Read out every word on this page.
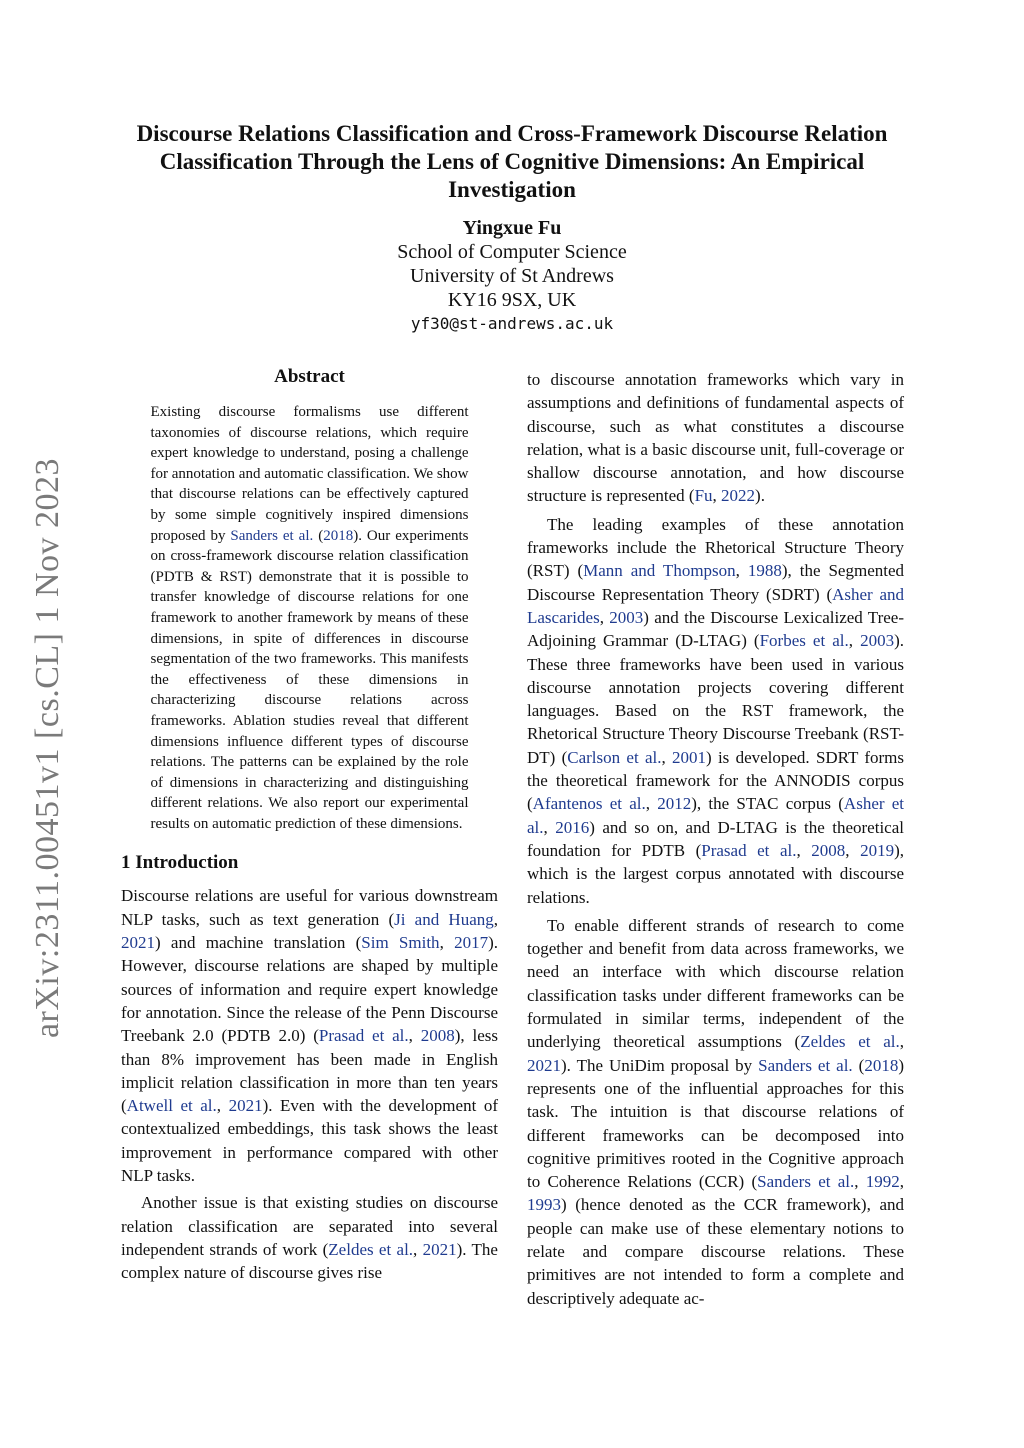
arXiv:2311.00451v1 [cs.CL] 1 Nov 2023
Discourse Relations Classification and Cross-Framework Discourse Relation Classification Through the Lens of Cognitive Dimensions: An Empirical Investigation
Yingxue Fu
School of Computer Science
University of St Andrews
KY16 9SX, UK
yf30@st-andrews.ac.uk
Abstract

Existing discourse formalisms use different taxonomies of discourse relations, which require expert knowledge to understand, posing a challenge for annotation and automatic classification. We show that discourse relations can be effectively captured by some simple cognitively inspired dimensions proposed by Sanders et al. (2018). Our experiments on cross-framework discourse relation classification (PDTB & RST) demonstrate that it is possible to transfer knowledge of discourse relations for one framework to another framework by means of these dimensions, in spite of differences in discourse segmentation of the two frameworks. This manifests the effectiveness of these dimensions in characterizing discourse relations across frameworks. Ablation studies reveal that different dimensions influence different types of discourse relations. The patterns can be explained by the role of dimensions in characterizing and distinguishing different relations. We also report our experimental results on automatic prediction of these dimensions.

1 Introduction

Discourse relations are useful for various downstream NLP tasks, such as text generation (Ji and Huang, 2021) and machine translation (Sim Smith, 2017). However, discourse relations are shaped by multiple sources of information and require expert knowledge for annotation. Since the release of the Penn Discourse Treebank 2.0 (PDTB 2.0) (Prasad et al., 2008), less than 8% improvement has been made in English implicit relation classification in more than ten years (Atwell et al., 2021). Even with the development of contextualized embeddings, this task shows the least improvement in performance compared with other NLP tasks.

Another issue is that existing studies on discourse relation classification are separated into several independent strands of work (Zeldes et al., 2021). The complex nature of discourse gives rise

to discourse annotation frameworks which vary in assumptions and definitions of fundamental aspects of discourse, such as what constitutes a discourse relation, what is a basic discourse unit, full-coverage or shallow discourse annotation, and how discourse structure is represented (Fu, 2022).

The leading examples of these annotation frameworks include the Rhetorical Structure Theory (RST) (Mann and Thompson, 1988), the Segmented Discourse Representation Theory (SDRT) (Asher and Lascarides, 2003) and the Discourse Lexicalized Tree-Adjoining Grammar (D-LTAG) (Forbes et al., 2003). These three frameworks have been used in various discourse annotation projects covering different languages. Based on the RST framework, the Rhetorical Structure Theory Discourse Treebank (RST-DT) (Carlson et al., 2001) is developed. SDRT forms the theoretical framework for the ANNODIS corpus (Afantenos et al., 2012), the STAC corpus (Asher et al., 2016) and so on, and D-LTAG is the theoretical foundation for PDTB (Prasad et al., 2008, 2019), which is the largest corpus annotated with discourse relations.

To enable different strands of research to come together and benefit from data across frameworks, we need an interface with which discourse relation classification tasks under different frameworks can be formulated in similar terms, independent of the underlying theoretical assumptions (Zeldes et al., 2021). The UniDim proposal by Sanders et al. (2018) represents one of the influential approaches for this task. The intuition is that discourse relations of different frameworks can be decomposed into cognitive primitives rooted in the Cognitive approach to Coherence Relations (CCR) (Sanders et al., 1992, 1993) (hence denoted as the CCR framework), and people can make use of these elementary notions to relate and compare discourse relations. These primitives are not intended to form a complete and descriptively adequate ac-
